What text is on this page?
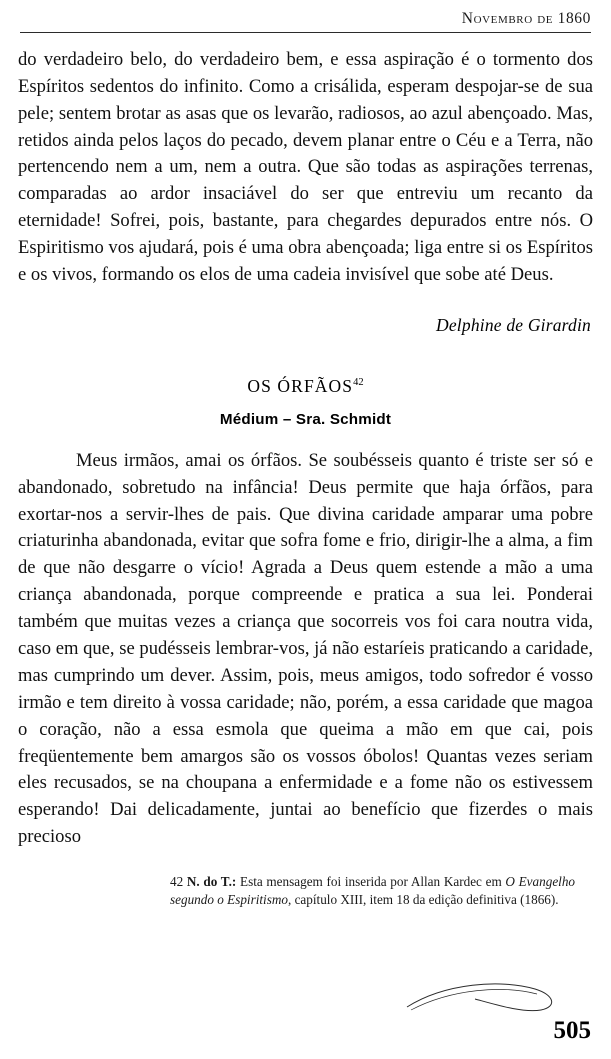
Novembro de 1860

do verdadeiro belo, do verdadeiro bem, e essa aspiração é o tormento dos Espíritos sedentos do infinito. Como a crisálida, esperam despojar-se de sua pele; sentem brotar as asas que os levarão, radiosos, ao azul abençoado. Mas, retidos ainda pelos laços do pecado, devem planar entre o Céu e a Terra, não pertencendo nem a um, nem a outra. Que são todas as aspirações terrenas, comparadas ao ardor insaciável do ser que entreviu um recanto da eternidade! Sofrei, pois, bastante, para chegardes depurados entre nós. O Espiritismo vos ajudará, pois é uma obra abençoada; liga entre si os Espíritos e os vivos, formando os elos de uma cadeia invisível que sobe até Deus.

Delphine de Girardin
OS ÓRFÃOS$^{42}$
Médium – Sra. Schmidt

Meus irmãos, amai os órfãos. Se soubésseis quanto é triste ser só e abandonado, sobretudo na infância! Deus permite que haja órfãos, para exortar-nos a servir-lhes de pais. Que divina caridade amparar uma pobre criaturinha abandonada, evitar que sofra fome e frio, dirigir-lhe a alma, a fim de que não desgarre o vício! Agrada a Deus quem estende a mão a uma criança abandonada, porque compreende e pratica a sua lei. Ponderai também que muitas vezes a criança que socorreis vos foi cara noutra vida, caso em que, se pudésseis lembrar-vos, já não estaríeis praticando a caridade, mas cumprindo um dever. Assim, pois, meus amigos, todo sofredor é vosso irmão e tem direito à vossa caridade; não, porém, a essa caridade que magoa o coração, não a essa esmola que queima a mão em que cai, pois freqüentemente bem amargos são os vossos óbolos! Quantas vezes seriam eles recusados, se na choupana a enfermidade e a fome não os estivessem esperando! Dai delicadamente, juntai ao benefício que fizerdes o mais precioso

42 N. do T.: Esta mensagem foi inserida por Allan Kardec em O Evangelho segundo o Espiritismo, capítulo XIII, item 18 da edição definitiva (1866).
505
